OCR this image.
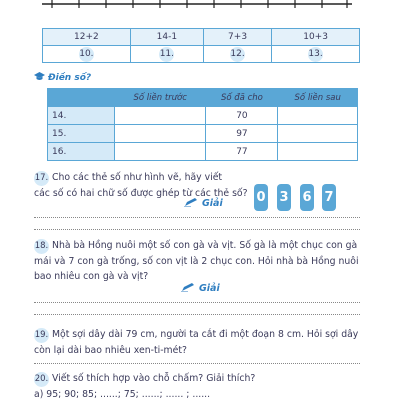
12+2	14-1	7+3	10+3
10.	11.	12.	13.
Điền số?
	Số liền trước	Số đã cho	Số liền sau
14.		70	
15.		97	
16.		77	
17. Cho các thẻ số như hình vẽ, hãy viết
các số có hai chữ số được ghép từ các thẻ số?
Giải	0 3 6 7
18. Nhà bà Hồng nuôi một số con gà và vịt. Số gà là một chục con gà
mái và 7 con gà trống, số con vịt là 2 chục con. Hỏi nhà bà Hồng nuôi
bao nhiêu con gà và vịt?
Giải
19. Một sợi dây dài 79 cm, người ta cắt đi một đoạn 8 cm. Hỏi sợi dây
còn lại dài bao nhiêu xen-ti-mét?
20. Viết số thích hợp vào chỗ chấm? Giải thích?
a) 95; 90; 85; ......; 75; ......; ...... ; ......
